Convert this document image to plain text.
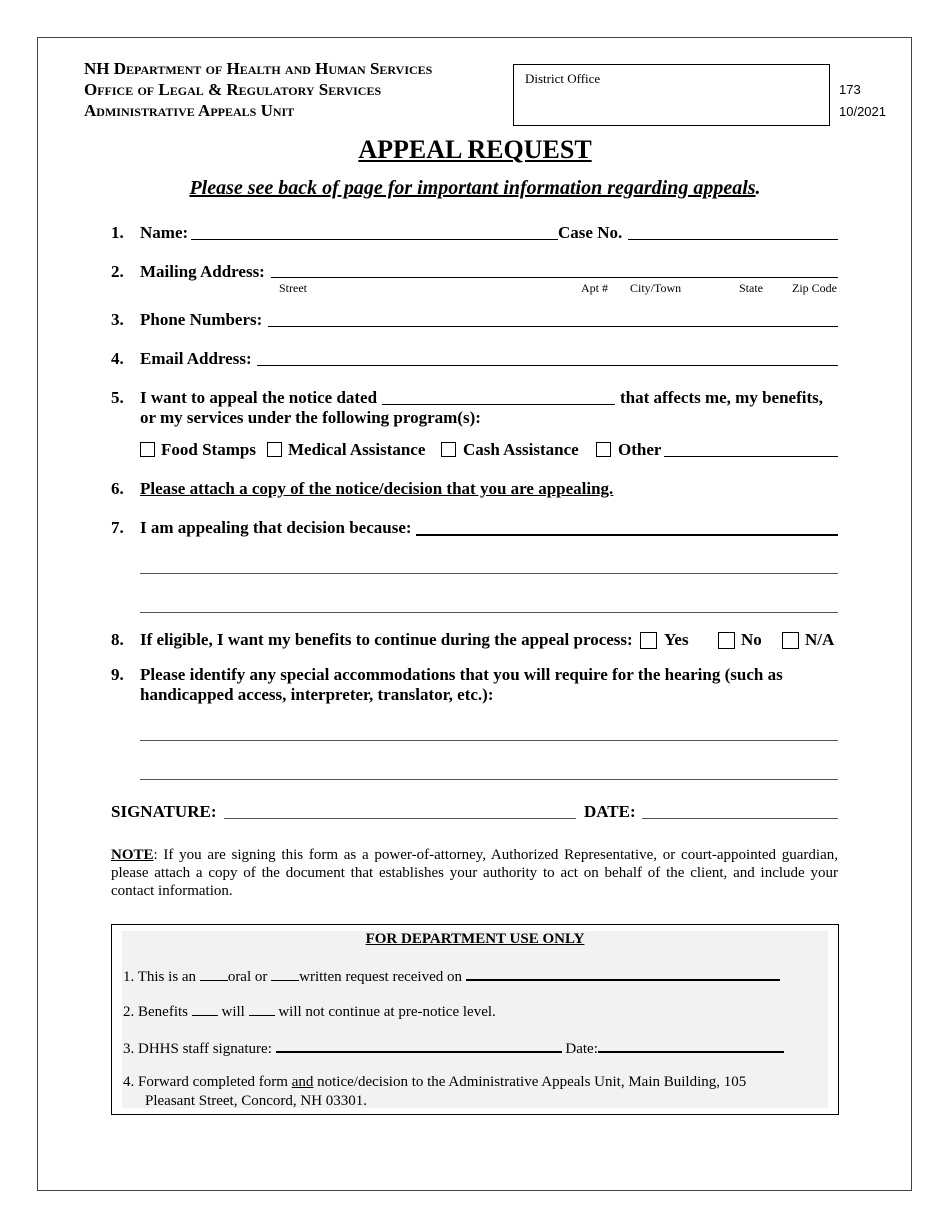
NH Department of Health and Human Services
Office of Legal & Regulatory Services
Administrative Appeals Unit
District Office
173
10/2021
APPEAL REQUEST
Please see back of page for important information regarding appeals.
1. Name:	Case No.
2. Mailing Address:
Street	Apt # City/Town	State Zip Code
3. Phone Numbers:
4. Email Address:
5. I want to appeal the notice dated	that affects me, my benefits,
or my services under the following program(s):
Food Stamps Medical Assistance Cash Assistance Other
6. Please attach a copy of the notice/decision that you are appealing.
7. I am appealing that decision because:
8. If eligible, I want my benefits to continue during the appeal process: Yes	No	N/A
9. Please identify any special accommodations that you will require for the hearing (such as
handicapped access, interpreter, translator, etc.):
SIGNATURE:	DATE:
NOTE: If you are signing this form as a power-of-attorney, Authorized Representative, or court-appointed guardian, please attach a copy of the document that establishes your authority to act on behalf of the client, and include your contact information.
FOR DEPARTMENT USE ONLY
1. This is an oral or written request received on
2. Benefits  will  will not continue at pre-notice level.
3. DHHS staff signature:	Date:
4. Forward completed form and notice/decision to the Administrative Appeals Unit, Main Building, 105
Pleasant Street, Concord, NH 03301.
